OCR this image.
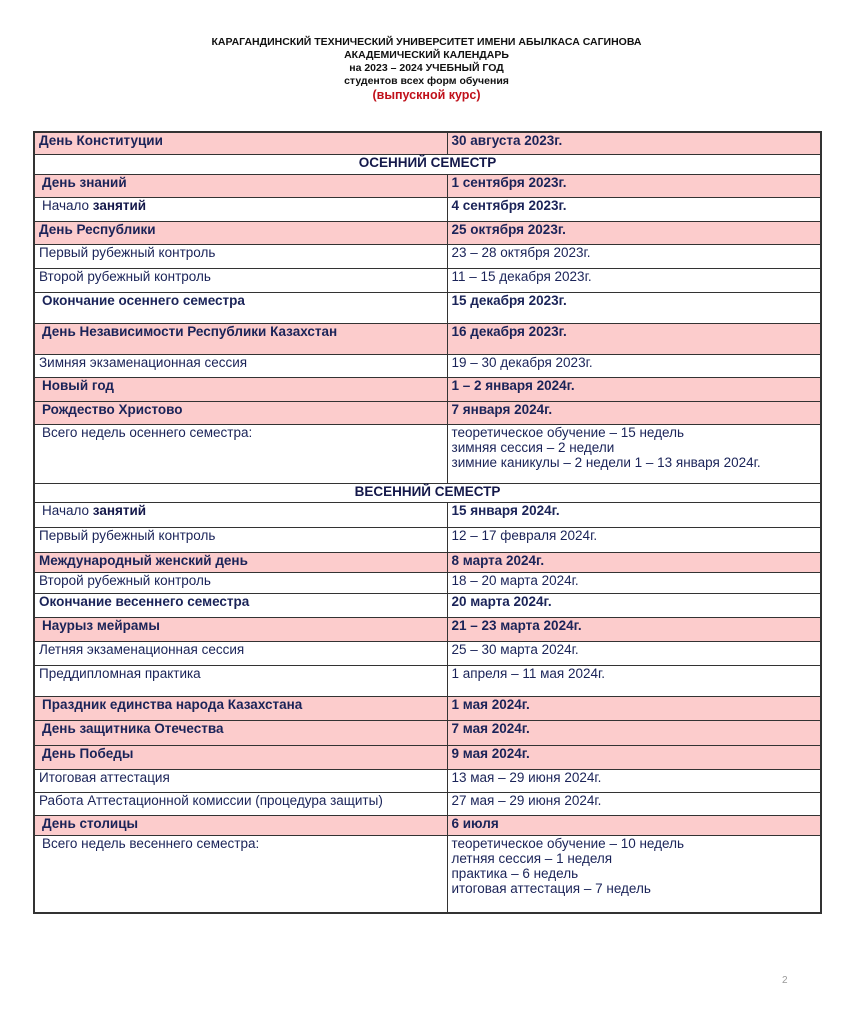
КАРАГАНДИНСКИЙ ТЕХНИЧЕСКИЙ УНИВЕРСИТЕТ ИМЕНИ АБЫЛКАСА САГИНОВА
АКАДЕМИЧЕСКИЙ КАЛЕНДАРЬ
на 2023 – 2024 УЧЕБНЫЙ ГОД
студентов всех форм обучения
(выпускной курс)
День Конституции	30 августа 2023г.
ОСЕННИЙ СЕМЕСТР	
День знаний	1 сентября 2023г.
Начало занятий	4 сентября 2023г.
День Республики	25 октября 2023г.
Первый рубежный контроль	23 – 28 октября 2023г.
Второй рубежный контроль	11 – 15 декабря 2023г.
Окончание осеннего семестра	15 декабря 2023г.
День Независимости Республики Казахстан	16 декабря 2023г.
Зимняя экзаменационная сессия	19 – 30 декабря 2023г.
Новый год	1 – 2 января 2024г.
Рождество Христово	7 января 2024г.
Всего недель осеннего семестра:	теоретическое обучение – 15 недель
зимняя сессия – 2 недели
зимние каникулы – 2 недели 1 – 13 января 2024г.

ВЕСЕННИЙ СЕМЕСТР	
Начало занятий	15 января 2024г.
Первый рубежный контроль	12 – 17 февраля 2024г.
Международный женский день	8 марта 2024г.
Второй рубежный контроль	18 – 20 марта 2024г.
Окончание весеннего семестра	20 марта 2024г.
Наурыз мейрамы	21 – 23 марта 2024г.
Летняя экзаменационная сессия	25 – 30 марта 2024г.
Преддипломная практика	1 апреля – 11 мая 2024г.
Праздник единства народа Казахстана	1 мая 2024г.
День защитника Отечества	7 мая 2024г.
День Победы	9 мая 2024г.
Итоговая аттестация	13 мая – 29 июня 2024г.
Работа Аттестационной комиссии (процедура защиты)	27 мая – 29 июня 2024г.
День столицы	6 июля
Всего недель весеннего семестра:	теоретическое обучение – 10 недель
летняя сессия – 1 неделя
практика – 6 недель
итоговая аттестация – 7 недель
2
